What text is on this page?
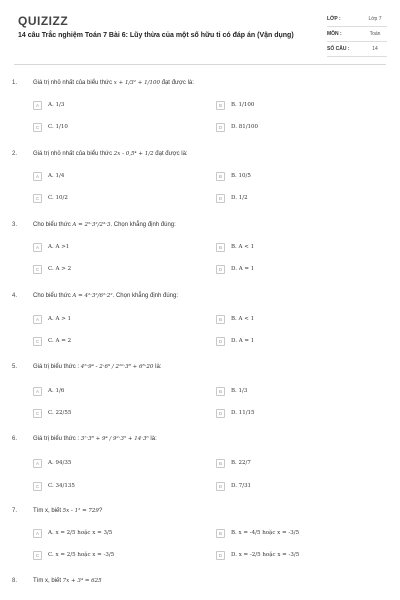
QUIZIZZ
14 câu Trắc nghiệm Toán 7 Bài 6: Lũy thừa của một số hữu tỉ có đáp án (Vận dụng)
LỚP :	Lớp 7
MÔN :	Toán
SỐ CÂU :	14
1.	Giá trị nhỏ nhất của biểu thức x + 1/3² + 1/100 đạt được là:
A	A. 1/3	B	B. 1/100
C	C. 1/10	D	D. 81/100
2.	Giá trị nhỏ nhất của biểu thức 2x - 0,5⁴ + 1/2 đạt được là:
A	A. 1/4	B	B. 10/5
C	C. 10/2	D	D. 1/2
3.	Cho biểu thức A = 2⁵·3²/2³·3. Chọn khẳng định đúng:
A	A. A >1	B	B. A < 1
C	C. A > 2	D	D. A = 1
4.	Cho biểu thức A = 4²·3²/6²·2². Chọn khẳng định đúng:
A	A. A > 1	B	B. A < 1
C	C. A = 2	D	D. A = 1
5.	Giá trị biểu thức : 4⁵·9⁴ - 2·6⁹ / 2¹⁰·3⁸ + 6⁸·20 là:
A	A. 1/6	B	B. 1/3
C	C. 22/55	D	D. 11/15
6.	Giá trị biểu thức : 3⁷·3⁸ + 9⁴ / 9²·3⁵ + 14·3⁶ là:
A	A. 94/35	B	B. 22/7
C	C. 34/135	D	D. 7/31
7.	Tìm x, biết 5x - 1² = 729?
A	A. x = 2/5 hoặc x = 3/5	B	B. x = -4/5 hoặc x = -3/5
C	C. x = 2/5 hoặc x = -3/5	D	D. x = -2/5 hoặc x = -3/5
8.	Tìm x, biết 7x + 3⁴ = 625
